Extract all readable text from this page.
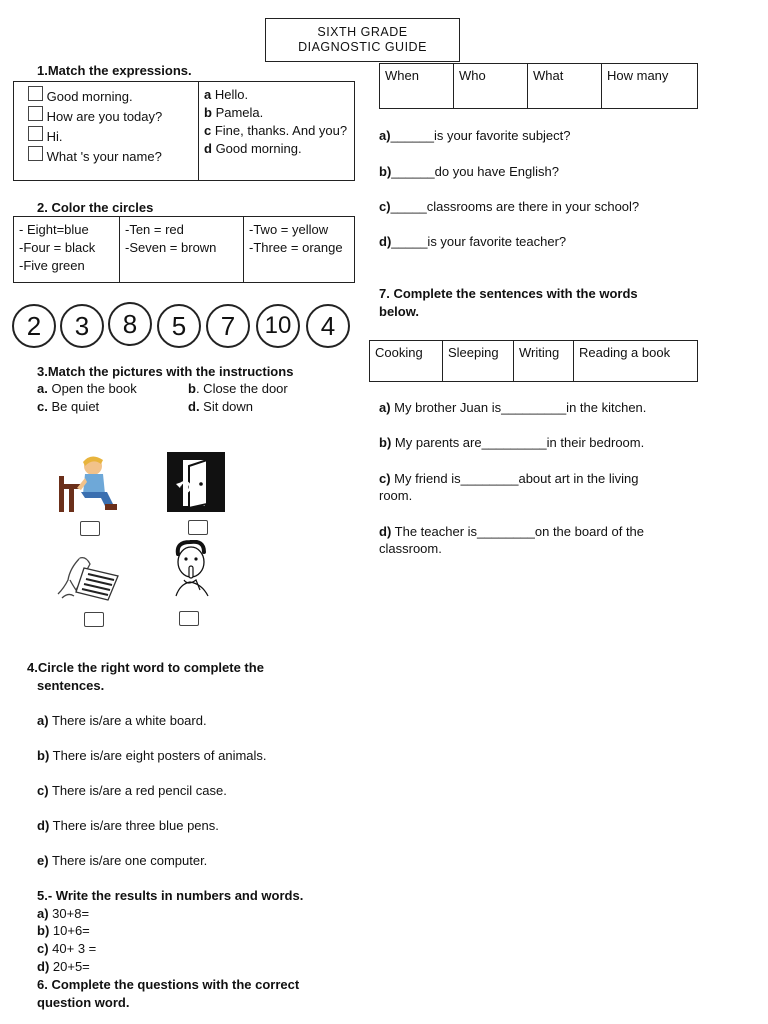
SIXTH GRADE
DIAGNOSTIC GUIDE
1.Match the expressions.
Good morning.
How are you today?
Hi.
What 's your name?

a Hello.
b Pamela.
c Fine, thanks. And you?
d Good morning.
2. Color the circles
- Eight=blue
-Four = black
-Five green

-Ten = red
-Seven = brown

-Two = yellow
-Three = orange
2	3	8	5	7	10	4
3.Match the pictures with the instructions
a. Open the book	b. Close the door
c. Be quiet	d. Sit down
4.Circle the right word to complete the
sentences.
a) There is/are a white board.
b) There is/are eight posters of animals.
c) There is/are a red pencil case.
d) There is/are three blue pens.
e) There is/are one computer.
5.- Write the results in numbers and words.
a) 30+8=
b) 10+6=
c) 40+ 3 =
d) 20+5=
6. Complete the questions with the correct
question word.
When	Who	What	How many
a)______is your favorite subject?
b)______do you have English?
c)_____classrooms are there in your school?
d)_____is your favorite teacher?
7. Complete the sentences with the words
below.
Cooking	Sleeping	Writing	Reading a book
a) My brother Juan is_________in the kitchen.
b) My parents are_________in their bedroom.
c) My friend is________about art in the living
room.
d) The teacher is________on the board of the
classroom.
